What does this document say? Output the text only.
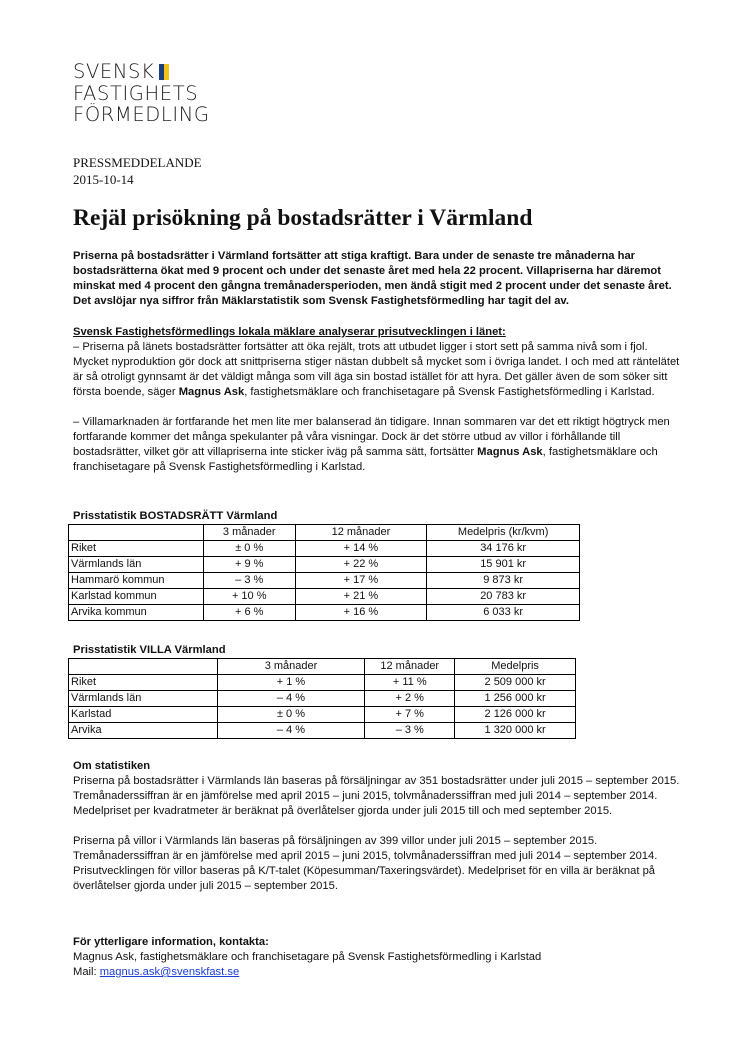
SVENSK
FASTIGHETS
FÖRMEDLING
PRESSMEDDELANDE
2015-10-14
Rejäl prisökning på bostadsrätter i Värmland
Priserna på bostadsrätter i Värmland fortsätter att stiga kraftigt. Bara under de senaste tre månaderna har bostadsrätterna ökat med 9 procent och under det senaste året med hela 22 procent. Villapriserna har däremot minskat med 4 procent den gångna tremånadersperioden, men ändå stigit med 2 procent under det senaste året. Det avslöjar nya siffror från Mäklarstatistik som Svensk Fastighetsförmedling har tagit del av.
Svensk Fastighetsförmedlings lokala mäklare analyserar prisutvecklingen i länet:
– Priserna på länets bostadsrätter fortsätter att öka rejält, trots att utbudet ligger i stort sett på samma nivå som i fjol. Mycket nyproduktion gör dock att snittpriserna stiger nästan dubbelt så mycket som i övriga landet. I och med att räntelätet är så otroligt gynnsamt är det väldigt många som vill äga sin bostad istället för att hyra. Det gäller även de som söker sitt första boende, säger Magnus Ask, fastighetsmäklare och franchisetagare på Svensk Fastighetsförmedling i Karlstad.
– Villamarknaden är fortfarande het men lite mer balanserad än tidigare. Innan sommaren var det ett riktigt högtryck men fortfarande kommer det många spekulanter på våra visningar. Dock är det större utbud av villor i förhållande till bostadsrätter, vilket gör att villapriserna inte sticker iväg på samma sätt, fortsätter Magnus Ask, fastighetsmäklare och franchisetagare på Svensk Fastighetsförmedling i Karlstad.
Prisstatistik BOSTADSRÄTT Värmland
	3 månader	12 månader	Medelpris (kr/kvm)
Riket	± 0 %	+ 14 %	34 176 kr
Värmlands län	+ 9 %	+ 22 %	15 901 kr
Hammarö kommun	– 3 %	+ 17 %	9 873 kr
Karlstad kommun	+ 10 %	+ 21 %	20 783 kr
Arvika kommun	+ 6 %	+ 16 %	6 033 kr
Prisstatistik VILLA Värmland
	3 månader	12 månader	Medelpris
Riket	+ 1 %	+ 11 %	2 509 000 kr
Värmlands län	– 4 %	+ 2 %	1 256 000 kr
Karlstad	± 0 %	+ 7 %	2 126 000 kr
Arvika	– 4 %	– 3 %	1 320 000 kr
Om statistiken
Priserna på bostadsrätter i Värmlands län baseras på försäljningar av 351 bostadsrätter under juli 2015 – september 2015. Tremånaderssiffran är en jämförelse med april 2015 – juni 2015, tolvmånaderssiffran med juli 2014 – september 2014. Medelpriset per kvadratmeter är beräknat på överlåtelser gjorda under juli 2015 till och med september 2015.
Priserna på villor i Värmlands län baseras på försäljningen av 399 villor under juli 2015 – september 2015. Tremånaderssiffran är en jämförelse med april 2015 – juni 2015, tolvmånaderssiffran med juli 2014 – september 2014. Prisutvecklingen för villor baseras på K/T-talet (Köpesumman/Taxeringsvärdet). Medelpriset för en villa är beräknat på överlåtelser gjorda under juli 2015 – september 2015.
För ytterligare information, kontakta:
Magnus Ask, fastighetsmäklare och franchisetagare på Svensk Fastighetsförmedling i Karlstad
Mail: magnus.ask@svenskfast.se
